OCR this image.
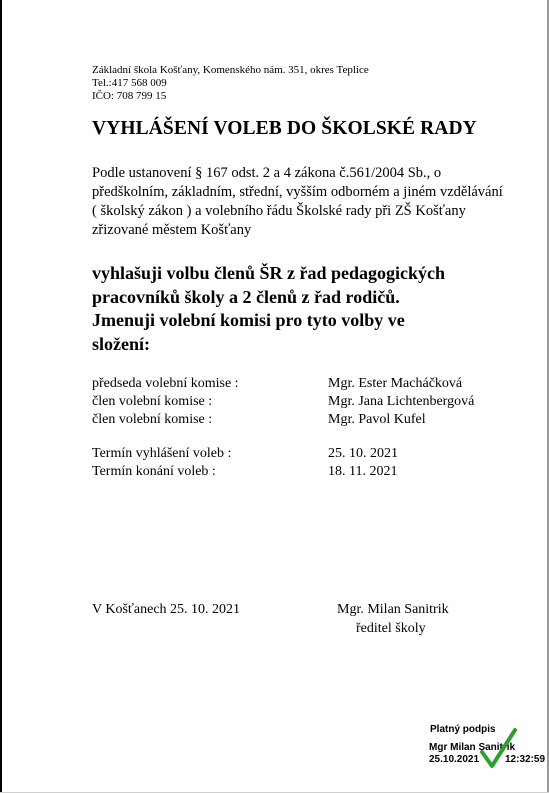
Základní škola Košťany, Komenského nám. 351, okres Teplice
Tel.:417 568 009
IČO: 708 799 15
VYHLÁŠENÍ VOLEB DO ŠKOLSKÉ RADY
Podle ustanovení § 167 odst. 2 a 4 zákona č.561/2004 Sb., o
předškolním, základním, střední, vyšším odborném a jiném vzdělávání
( školský zákon ) a volebního řádu Školské rady při ZŠ Košťany
zřizované městem Košťany
vyhlašuji volbu členů ŠR z řad pedagogických
pracovníků školy a 2 členů z řad rodičů.
Jmenuji volební komisi pro tyto volby ve
složení:
předseda volební komise :	Mgr. Ester Macháčková
člen volební komise :	Mgr. Jana Lichtenbergová
člen volební komise :	Mgr. Pavol Kufel
Termín vyhlášení voleb :	25. 10. 2021
Termín konání voleb :	18. 11. 2021
V Košťanech 25. 10. 2021	Mgr. Milan Sanitrik
ředitel školy
Platný podpis
Mgr Milan Sanitrik
25.10.2021	12:32:59
